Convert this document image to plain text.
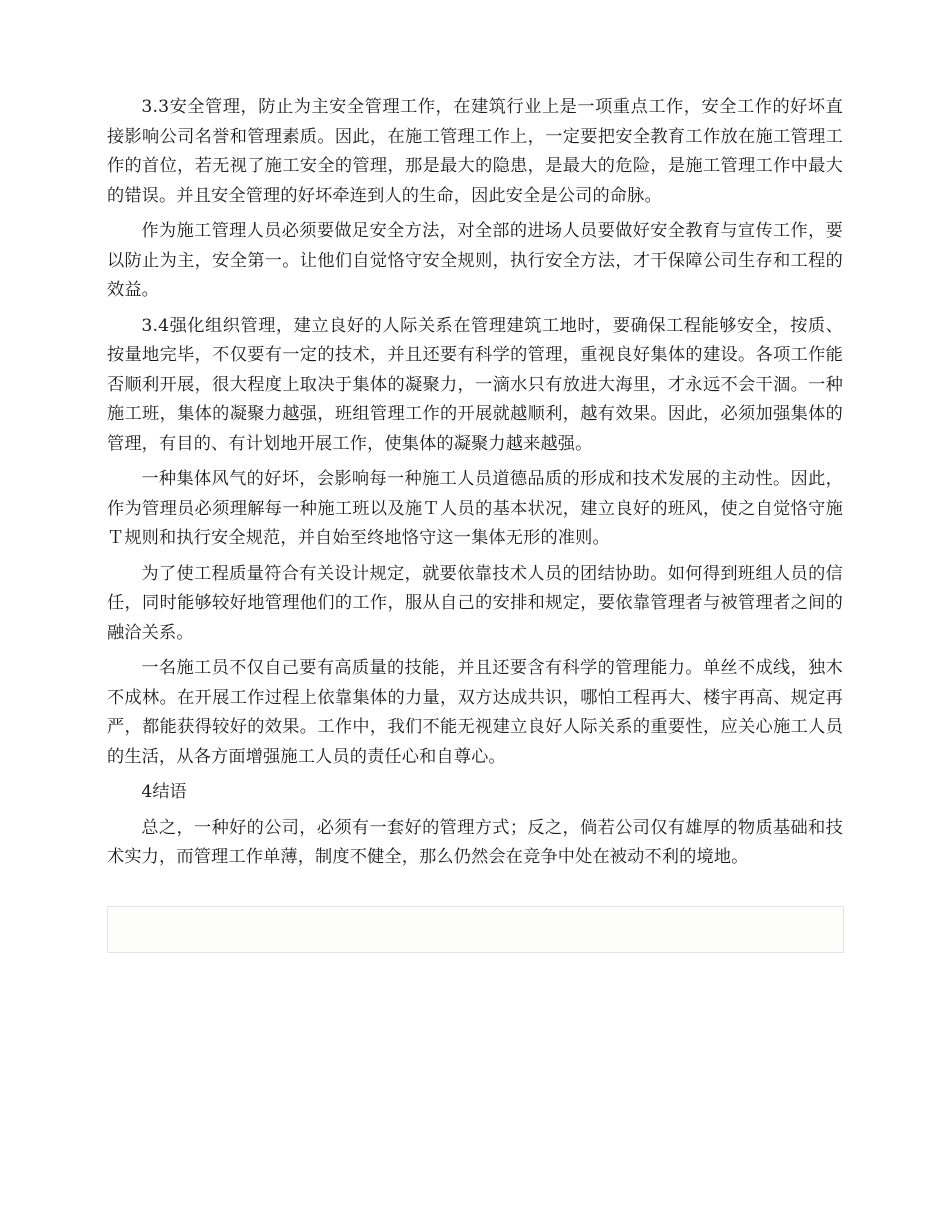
3.3安全管理，防止为主安全管理工作，在建筑行业上是一项重点工作，安全工作的好坏直接影响公司名誉和管理素质。因此，在施工管理工作上，一定要把安全教育工作放在施工管理工作的首位，若无视了施工安全的管理，那是最大的隐患，是最大的危险，是施工管理工作中最大的错误。并且安全管理的好坏牵连到人的生命，因此安全是公司的命脉。

作为施工管理人员必须要做足安全方法，对全部的进场人员要做好安全教育与宣传工作，要以防止为主，安全第一。让他们自觉恪守安全规则，执行安全方法，才干保障公司生存和工程的效益。

3.4强化组织管理，建立良好的人际关系在管理建筑工地时，要确保工程能够安全，按质、按量地完毕，不仅要有一定的技术，并且还要有科学的管理，重视良好集体的建设。各项工作能否顺利开展，很大程度上取决于集体的凝聚力，一滴水只有放进大海里，才永远不会干涸。一种施工班，集体的凝聚力越强，班组管理工作的开展就越顺利，越有效果。因此，必须加强集体的管理，有目的、有计划地开展工作，使集体的凝聚力越来越强。

一种集体风气的好坏，会影响每一种施工人员道德品质的形成和技术发展的主动性。因此，作为管理员必须理解每一种施工班以及施Ｔ人员的基本状况，建立良好的班风，使之自觉恪守施Ｔ规则和执行安全规范，并自始至终地恪守这一集体无形的准则。

为了使工程质量符合有关设计规定，就要依靠技术人员的团结协助。如何得到班组人员的信任，同时能够较好地管理他们的工作，服从自己的安排和规定，要依靠管理者与被管理者之间的融洽关系。

一名施工员不仅自己要有高质量的技能，并且还要含有科学的管理能力。单丝不成线，独木不成林。在开展工作过程上依靠集体的力量，双方达成共识，哪怕工程再大、楼宇再高、规定再严，都能获得较好的效果。工作中，我们不能无视建立良好人际关系的重要性，应关心施工人员的生活，从各方面增强施工人员的责任心和自尊心。

4结语

总之，一种好的公司，必须有一套好的管理方式；反之，倘若公司仅有雄厚的物质基础和技术实力，而管理工作单薄，制度不健全，那么仍然会在竞争中处在被动不利的境地。
